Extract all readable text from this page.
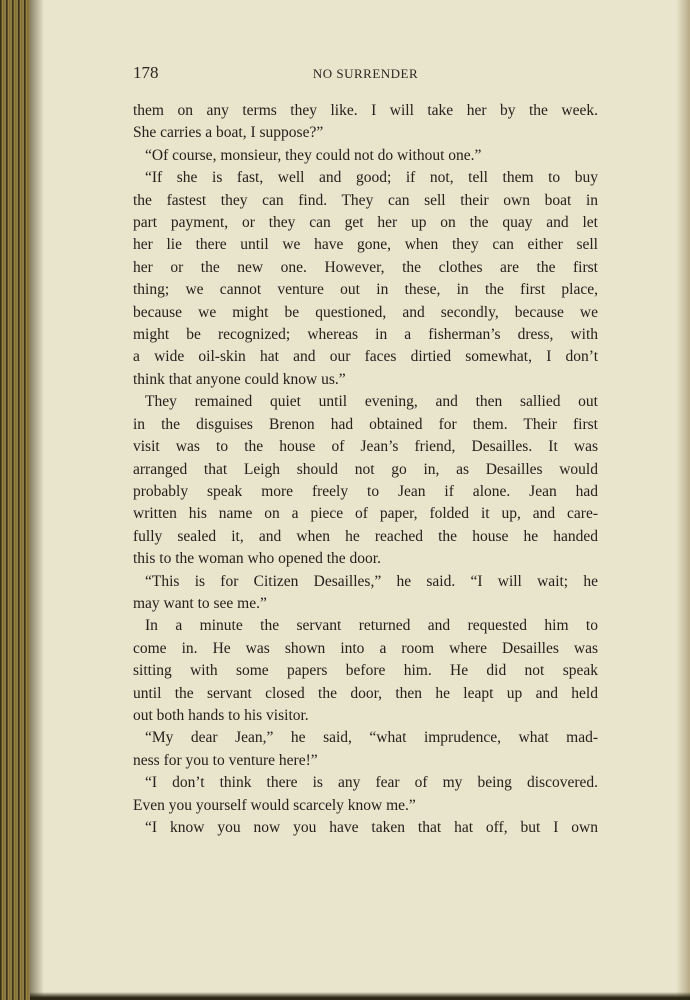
178	NO SURRENDER
them on any terms they like. I will take her by the week.
She carries a boat, I suppose?”
“Of course, monsieur, they could not do without one.”
“If she is fast, well and good; if not, tell them to buy
the fastest they can find. They can sell their own boat in
part payment, or they can get her up on the quay and let
her lie there until we have gone, when they can either sell
her or the new one. However, the clothes are the first
thing; we cannot venture out in these, in the first place,
because we might be questioned, and secondly, because we
might be recognized; whereas in a fisherman’s dress, with
a wide oil-skin hat and our faces dirtied somewhat, I don’t
think that anyone could know us.”
They remained quiet until evening, and then sallied out
in the disguises Brenon had obtained for them. Their first
visit was to the house of Jean’s friend, Desailles. It was
arranged that Leigh should not go in, as Desailles would
probably speak more freely to Jean if alone. Jean had
written his name on a piece of paper, folded it up, and care-
fully sealed it, and when he reached the house he handed
this to the woman who opened the door.
“This is for Citizen Desailles,” he said. “I will wait; he
may want to see me.”
In a minute the servant returned and requested him to
come in. He was shown into a room where Desailles was
sitting with some papers before him. He did not speak
until the servant closed the door, then he leapt up and held
out both hands to his visitor.
“My dear Jean,” he said, “what imprudence, what mad-
ness for you to venture here!”
“I don’t think there is any fear of my being discovered.
Even you yourself would scarcely know me.”
“I know you now you have taken that hat off, but I own
